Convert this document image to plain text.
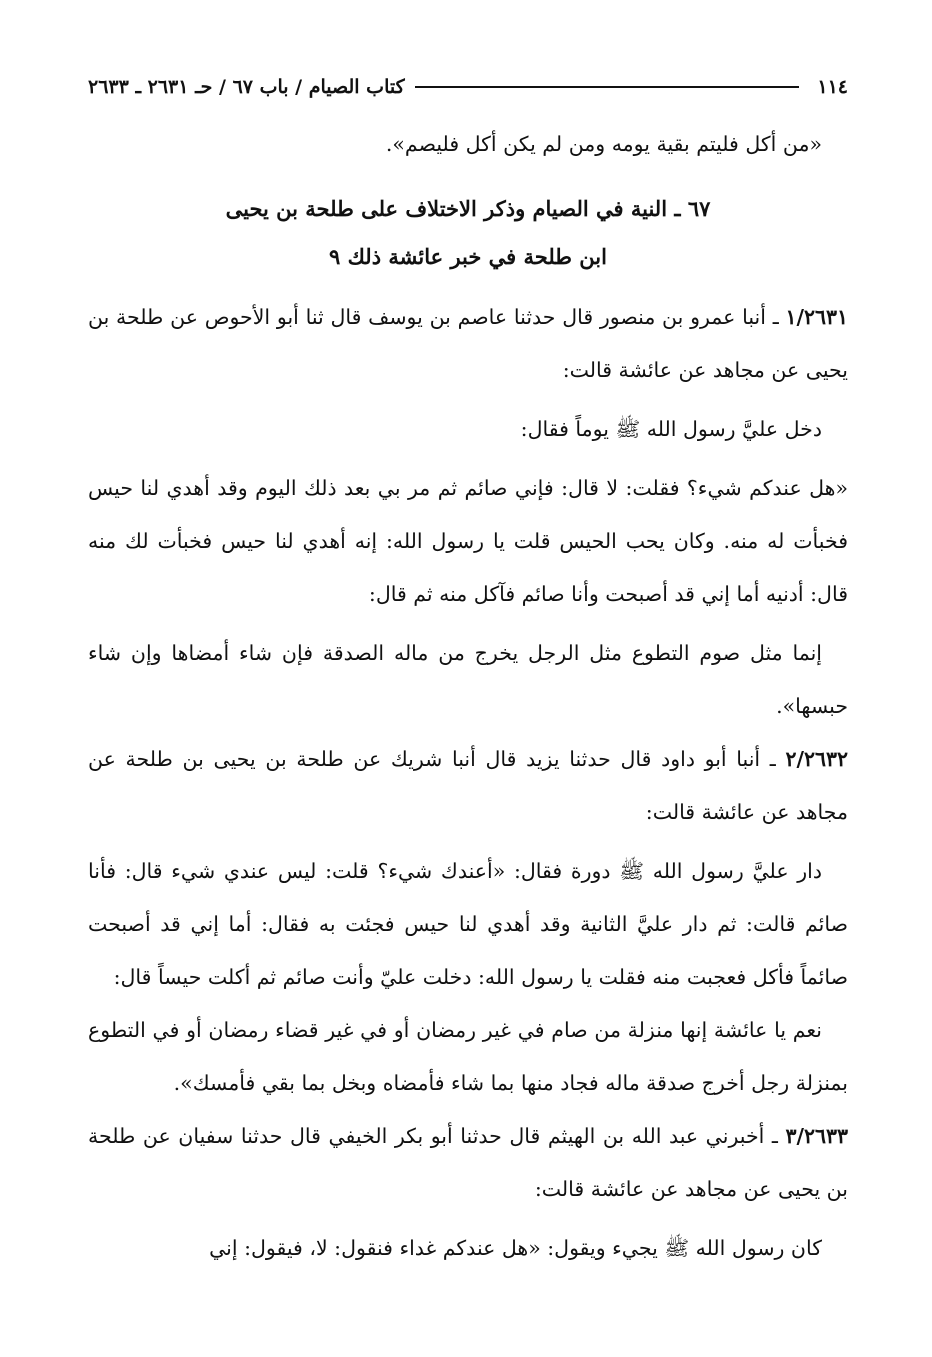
١١٤
كتاب الصيام / باب ٦٧ / حـ ٢٦٣١ ـ ٢٦٣٣

«من أكل فليتم بقية يومه ومن لم يكن أكل فليصم».

٦٧ ـ النية في الصيام وذكر الاختلاف على طلحة بن يحيى

ابن طلحة في خبر عائشة ذلك ٩

١/٢٦٣١ ـ أنبا عمرو بن منصور قال حدثنا عاصم بن يوسف قال ثنا أبو الأحوص عن طلحة بن يحيى عن مجاهد عن عائشة قالت:

دخل عليَّ رسول الله ﷺ يوماً فقال:

«هل عندكم شيء؟ فقلت: لا قال: فإني صائم ثم مر بي بعد ذلك اليوم وقد أهدي لنا حيس فخبأت له منه. وكان يحب الحيس قلت يا رسول الله: إنه أهدي لنا حيس فخبأت لك منه قال: أدنيه أما إني قد أصبحت وأنا صائم فآكل منه ثم قال:

إنما مثل صوم التطوع مثل الرجل يخرج من ماله الصدقة فإن شاء أمضاها وإن شاء حبسها».

٢/٢٦٣٢ ـ أنبا أبو داود قال حدثنا يزيد قال أنبا شريك عن طلحة بن يحيى بن طلحة عن مجاهد عن عائشة قالت:

دار عليَّ رسول الله ﷺ دورة فقال: «أعندك شيء؟ قلت: ليس عندي شيء قال: فأنا صائم قالت: ثم دار عليَّ الثانية وقد أهدي لنا حيس فجئت به فقال: أما إني قد أصبحت صائماً فأكل فعجبت منه فقلت يا رسول الله: دخلت عليّ وأنت صائم ثم أكلت حيساً قال:

نعم يا عائشة إنها منزلة من صام في غير رمضان أو في غير قضاء رمضان أو في التطوع بمنزلة رجل أخرج صدقة ماله فجاد منها بما شاء فأمضاه وبخل بما بقي فأمسك».

٣/٢٦٣٣ ـ أخبرني عبد الله بن الهيثم قال حدثنا أبو بكر الخيفي قال حدثنا سفيان عن طلحة بن يحيى عن مجاهد عن عائشة قالت:

كان رسول الله ﷺ يجيء ويقول: «هل عندكم غداء فنقول: لا، فيقول: إني
